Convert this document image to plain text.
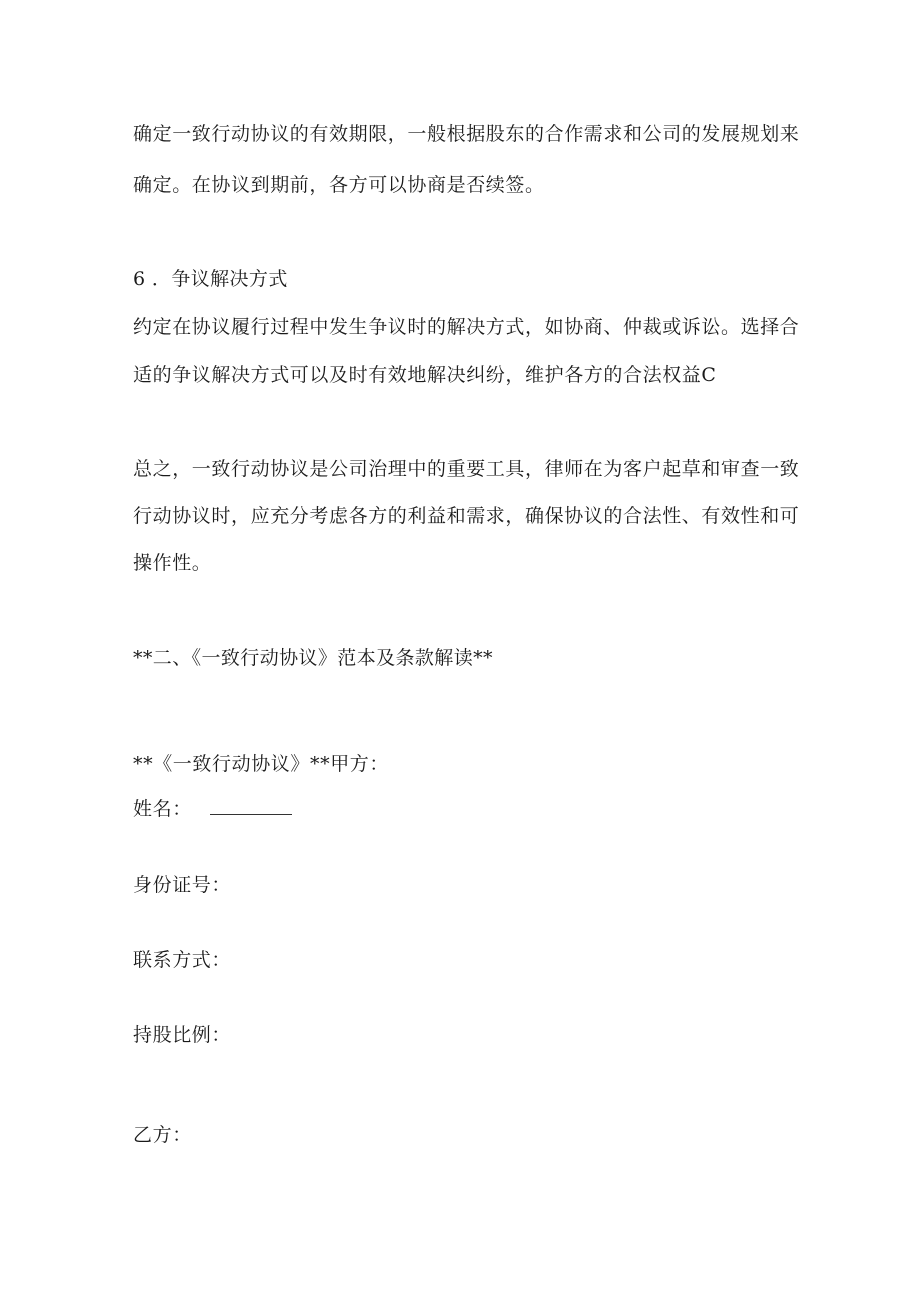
确定一致行动协议的有效期限，一般根据股东的合作需求和公司的发展规划来
确定。在协议到期前，各方可以协商是否续签。
6 ．争议解决方式
约定在协议履行过程中发生争议时的解决方式，如协商、仲裁或诉讼。选择合
适的争议解决方式可以及时有效地解决纠纷，维护各方的合法权益C
总之，一致行动协议是公司治理中的重要工具，律师在为客户起草和审查一致
行动协议时，应充分考虑各方的利益和需求，确保协议的合法性、有效性和可
操作性。
**二、《一致行动协议》范本及条款解读**
**《一致行动协议》**甲方：
姓名：
身份证号：
联系方式：
持股比例：
乙方：
